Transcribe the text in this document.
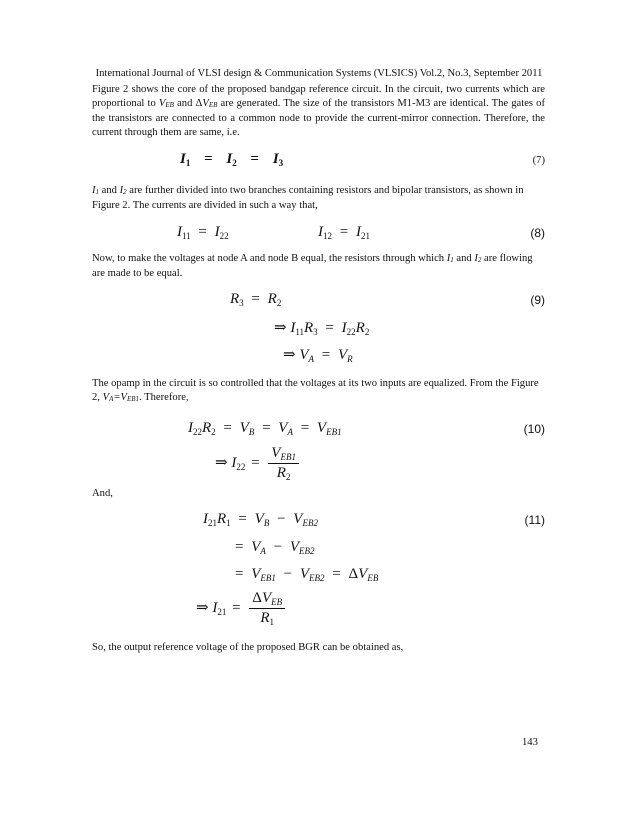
International Journal of VLSI design & Communication Systems (VLSICS) Vol.2, No.3, September 2011
Figure 2 shows the core of the proposed bandgap reference circuit. In the circuit, two currents which are proportional to VEB and ΔVEB are generated. The size of the transistors M1-M3 are identical. The gates of the transistors are connected to a common node to provide the current-mirror connection. Therefore, the current through them are same, i.e.
$I_1 = I_2 = I_3$	(7)
I1 and I2 are further divided into two branches containing resistors and bipolar transistors, as shown in Figure 2. The currents are divided in such a way that,
$I_{11} = I_{22}$	$I_{12} = I_{21}$	(8)
Now, to make the voltages at node A and node B equal, the resistors through which I1 and I2 are flowing are made to be equal.
$R_3 = R_2$	(9)
⇒ $I_{11}R_3 = I_{22}R_2$
⇒ $V_A = V_R$
The opamp in the circuit is so controlled that the voltages at its two inputs are equalized. From the Figure 2, VA=VEB1. Therefore,
$I_{22}R_2 = V_B = V_A = V_{EB1}$	(10)
⇒ $I_{22} = \frac{V_{EB1}}{R_2}$
And,
$I_{21}R_1 = V_B - V_{EB2}$	(11)
= $V_A - V_{EB2}$
= $V_{EB1} - V_{EB2} = \Delta V_{EB}$
⇒ $I_{21} = \frac{\Delta V_{EB}}{R_1}$
So, the output reference voltage of the proposed BGR can be obtained as,
143
